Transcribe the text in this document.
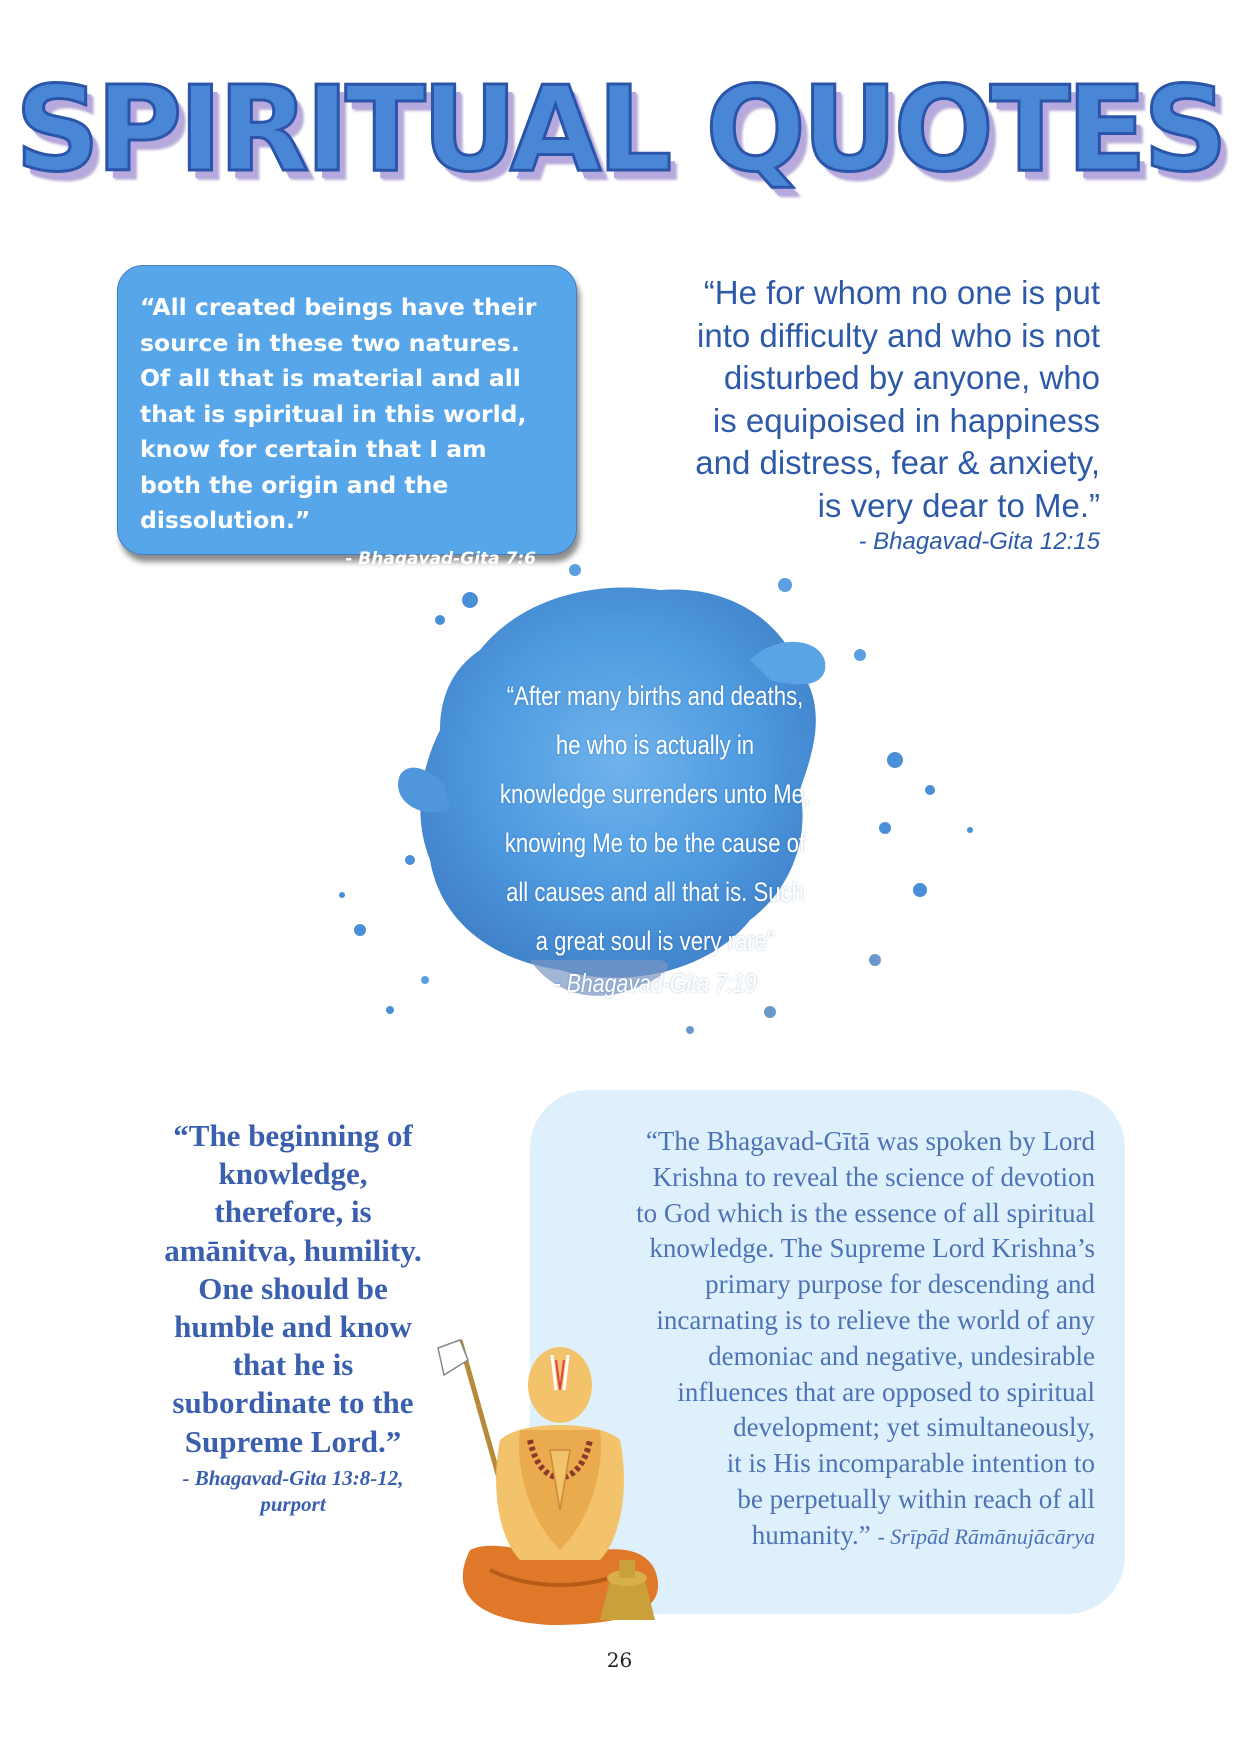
SPIRITUAL QUOTES
“All created beings have their source in these two natures. Of all that is material and all that is spiritual in this world, know for certain that I am both the origin and the dissolution.”
- Bhagavad-Gita 7:6
“He for whom no one is put
into difficulty and who is not
disturbed by anyone, who
is equipoised in happiness
and distress, fear & anxiety,
is very dear to Me.”
- Bhagavad-Gita 12:15
“After many births and deaths,
he who is actually in
knowledge surrenders unto Me,
knowing Me to be the cause of
all causes and all that is. Such
a great soul is very rare”
- Bhagavad-Gita 7:19
“The beginning of
knowledge,
therefore, is
amānitva, humility.
One should be
humble and know
that he is
subordinate to the
Supreme Lord.”
- Bhagavad-Gita 13:8-12,
purport
“The Bhagavad-Gītā was spoken by Lord
Krishna to reveal the science of devotion
to God which is the essence of all spiritual
knowledge. The Supreme Lord Krishna’s
primary purpose for descending and
incarnating is to relieve the world of any
demoniac and negative, undesirable
influences that are opposed to spiritual
development; yet simultaneously,
it is His incomparable intention to
be perpetually within reach of all
humanity.” - Srīpād Rāmānujācārya
26
